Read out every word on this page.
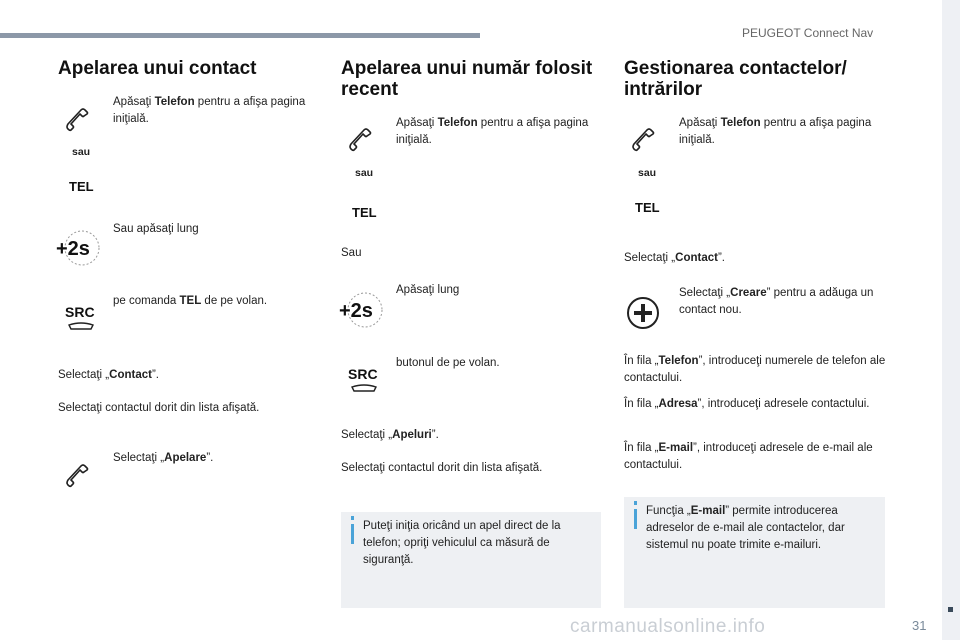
PEUGEOT Connect Nav
31
carmanualsonline.info
Apelarea unui contact
Apăsaţi Telefon pentru a afişa pagina iniţială.
sau
TEL
+2s
Sau apăsaţi lung
SRC
pe comanda TEL de pe volan.
Selectaţi „Contact”.
Selectaţi contactul dorit din lista afişată.
Selectaţi „Apelare”.
Apelarea unui număr folosit recent
Apăsaţi Telefon pentru a afişa pagina iniţială.
sau
TEL
Sau
+2s
Apăsaţi lung
SRC
butonul de pe volan.
Selectaţi „Apeluri”.
Selectaţi contactul dorit din lista afişată.
Puteţi iniţia oricând un apel direct de la telefon; opriţi vehiculul ca măsură de siguranţă.
Gestionarea contactelor/ intrărilor
Apăsaţi Telefon pentru a afişa pagina iniţială.
sau
TEL
Selectaţi „Contact”.
Selectaţi „Creare” pentru a adăuga un contact nou.
În fila „Telefon”, introduceţi numerele de telefon ale contactului.
În fila „Adresa”, introduceţi adresele contactului.
În fila „E-mail”, introduceţi adresele de e-mail ale contactului.
Funcţia „E-mail” permite introducerea adreselor de e-mail ale contactelor, dar sistemul nu poate trimite e-mailuri.
